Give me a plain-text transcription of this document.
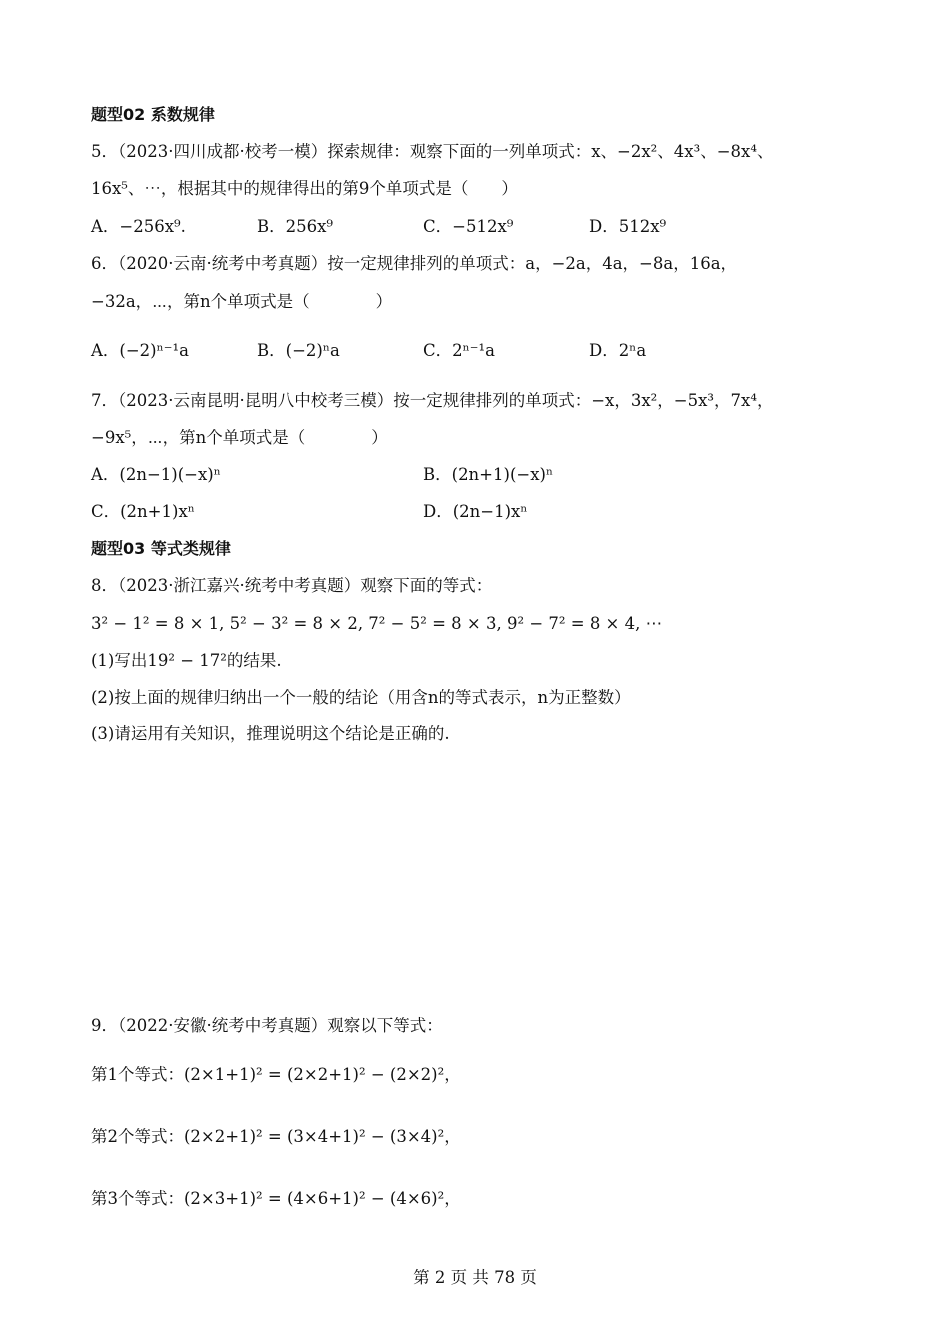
题型02 系数规律
5．（2023·四川成都·校考一模）探索规律：观察下面的一列单项式：x、−2x²、4x³、−8x⁴、
16x⁵、⋯，根据其中的规律得出的第9个单项式是（　　）
A．−256x⁹.	B．256x⁹	C．−512x⁹	D．512x⁹
6．（2020·云南·统考中考真题）按一定规律排列的单项式：a，−2a，4a，−8a，16a，
−32a，⋯，第n个单项式是（　　　　）
A．(−2)ⁿ⁻¹a	B．(−2)ⁿa	C．2ⁿ⁻¹a	D．2ⁿa
7．（2023·云南昆明·昆明八中校考三模）按一定规律排列的单项式：−x，3x²，−5x³，7x⁴，
−9x⁵，⋯，第n个单项式是（　　　　）
A．(2n−1)(−x)ⁿ	B．(2n+1)(−x)ⁿ
C．(2n+1)xⁿ	D．(2n−1)xⁿ
题型03 等式类规律
8．（2023·浙江嘉兴·统考中考真题）观察下面的等式：
3² − 1² = 8 × 1, 5² − 3² = 8 × 2, 7² − 5² = 8 × 3, 9² − 7² = 8 × 4, ⋯
(1)写出19² − 17²的结果.
(2)按上面的规律归纳出一个一般的结论（用含n的等式表示，n为正整数）
(3)请运用有关知识，推理说明这个结论是正确的.
9．（2022·安徽·统考中考真题）观察以下等式：
第1个等式：(2×1+1)² = (2×2+1)² − (2×2)²，
第2个等式：(2×2+1)² = (3×4+1)² − (3×4)²，
第3个等式：(2×3+1)² = (4×6+1)² − (4×6)²，
第 2 页 共 78 页
